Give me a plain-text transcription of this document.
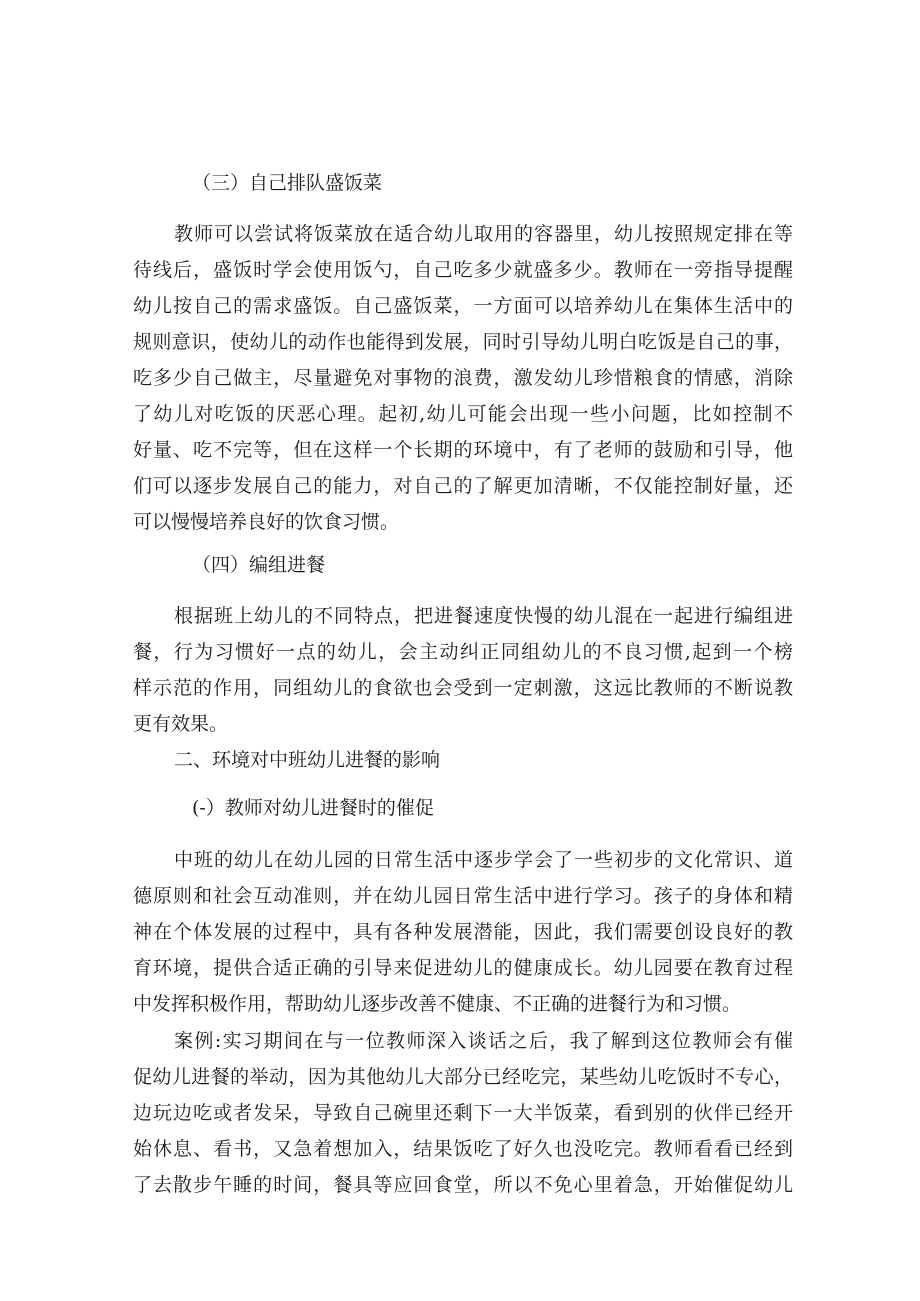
（三）自己排队盛饭菜
教师可以尝试将饭菜放在适合幼儿取用的容器里，幼儿按照规定排在等
待线后，盛饭时学会使用饭勺，自己吃多少就盛多少。教师在一旁指导提醒
幼儿按自己的需求盛饭。自己盛饭菜，一方面可以培养幼儿在集体生活中的
规则意识，使幼儿的动作也能得到发展，同时引导幼儿明白吃饭是自己的事，
吃多少自己做主，尽量避免对事物的浪费，激发幼儿珍惜粮食的情感，消除
了幼儿对吃饭的厌恶心理。起初,幼儿可能会出现一些小问题，比如控制不
好量、吃不完等，但在这样一个长期的环境中，有了老师的鼓励和引导，他
们可以逐步发展自己的能力，对自己的了解更加清晰，不仅能控制好量，还
可以慢慢培养良好的饮食习惯。
（四）编组进餐
根据班上幼儿的不同特点，把进餐速度快慢的幼儿混在一起进行编组进
餐，行为习惯好一点的幼儿，会主动纠正同组幼儿的不良习惯,起到一个榜
样示范的作用，同组幼儿的食欲也会受到一定刺激，这远比教师的不断说教
更有效果。
二、环境对中班幼儿进餐的影响
(-）教师对幼儿进餐时的催促
中班的幼儿在幼儿园的日常生活中逐步学会了一些初步的文化常识、道
德原则和社会互动准则，并在幼儿园日常生活中进行学习。孩子的身体和精
神在个体发展的过程中，具有各种发展潜能，因此，我们需要创设良好的教
育环境，提供合适正确的引导来促进幼儿的健康成长。幼儿园要在教育过程
中发挥积极作用，帮助幼儿逐步改善不健康、不正确的进餐行为和习惯。
案例:实习期间在与一位教师深入谈话之后，我了解到这位教师会有催
促幼儿进餐的举动，因为其他幼儿大部分已经吃完，某些幼儿吃饭时不专心，
边玩边吃或者发呆，导致自己碗里还剩下一大半饭菜，看到别的伙伴已经开
始休息、看书，又急着想加入，结果饭吃了好久也没吃完。教师看看已经到
了去散步午睡的时间，餐具等应回食堂，所以不免心里着急，开始催促幼儿
